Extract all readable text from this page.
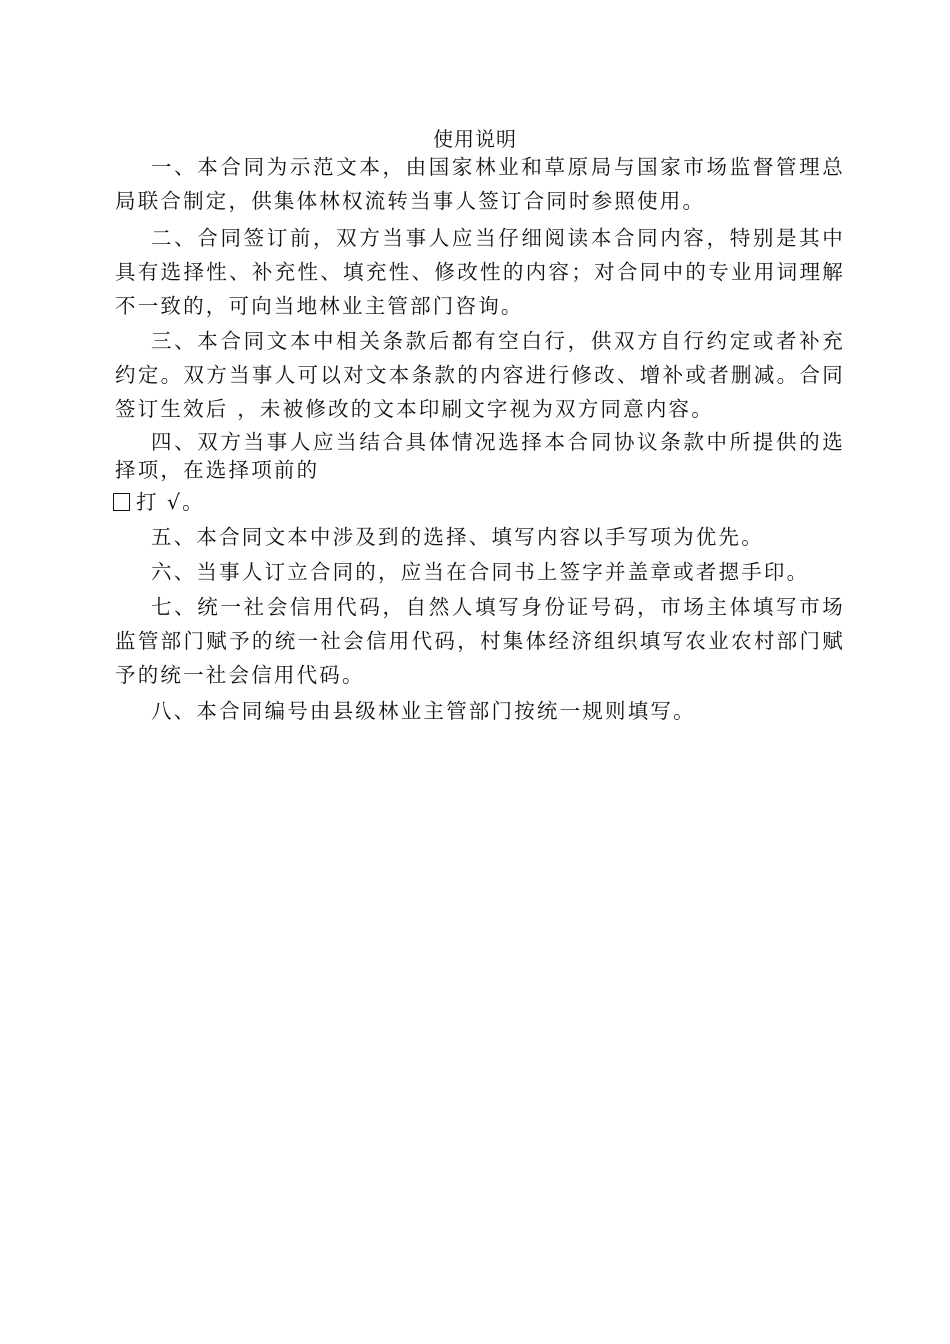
使用说明

一、本合同为示范文本，由国家林业和草原局与国家市场监督管理总局联合制定，供集体林权流转当事人签订合同时参照使用。

二、合同签订前，双方当事人应当仔细阅读本合同内容，特别是其中具有选择性、补充性、填充性、修改性的内容；对合同中的专业用词理解不一致的，可向当地林业主管部门咨询。

三、本合同文本中相关条款后都有空白行，供双方自行约定或者补充约定。双方当事人可以对文本条款的内容进行修改、增补或者删减。合同签订生效后 ，未被修改的文本印刷文字视为双方同意内容。

四、双方当事人应当结合具体情况选择本合同协议条款中所提供的选择项，在选择项前的

打 √。

五、本合同文本中涉及到的选择、填写内容以手写项为优先。

六、当事人订立合同的，应当在合同书上签字并盖章或者摁手印。

七、统一社会信用代码，自然人填写身份证号码，市场主体填写市场监管部门赋予的统一社会信用代码，村集体经济组织填写农业农村部门赋予的统一社会信用代码。

八、本合同编号由县级林业主管部门按统一规则填写。
